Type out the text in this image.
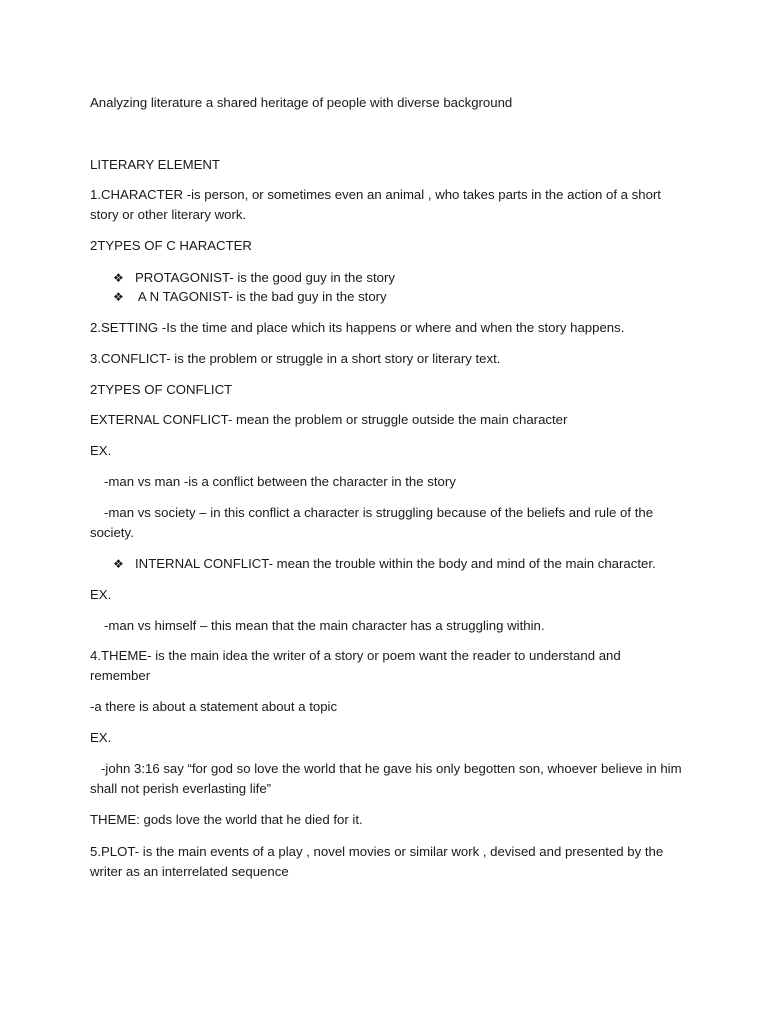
Analyzing literature a shared heritage of people with diverse background
LITERARY ELEMENT
1.CHARACTER -is person, or sometimes even an animal , who takes parts in the action of a short story or other literary work.
2TYPES OF C HARACTER
❖ PROTAGONIST- is the good guy in the story
❖ A N TAGONIST- is the bad guy in the story
2.SETTING -Is the time and place which its happens or where and when the story happens.
3.CONFLICT- is the problem or struggle in a short story or literary text.
2TYPES OF CONFLICT
EXTERNAL CONFLICT- mean the problem or struggle outside the main character
EX.
-man vs man -is a conflict between the character in the story
-man vs society – in this conflict a character is struggling because of the beliefs and rule of the society.
❖ INTERNAL CONFLICT- mean the trouble within the body and mind of the main character.
EX.
-man vs himself – this mean that the main character has a struggling within.
4.THEME- is the main idea the writer of a story or poem want the reader to understand and remember
-a there is about a statement about a topic
EX.
-john 3:16 say “for god so love the world that he gave his only begotten son, whoever believe in him shall not perish everlasting life”
THEME: gods love the world that he died for it.
5.PLOT- is the main events of a play , novel movies or similar work , devised and presented by the writer as an interrelated sequence
